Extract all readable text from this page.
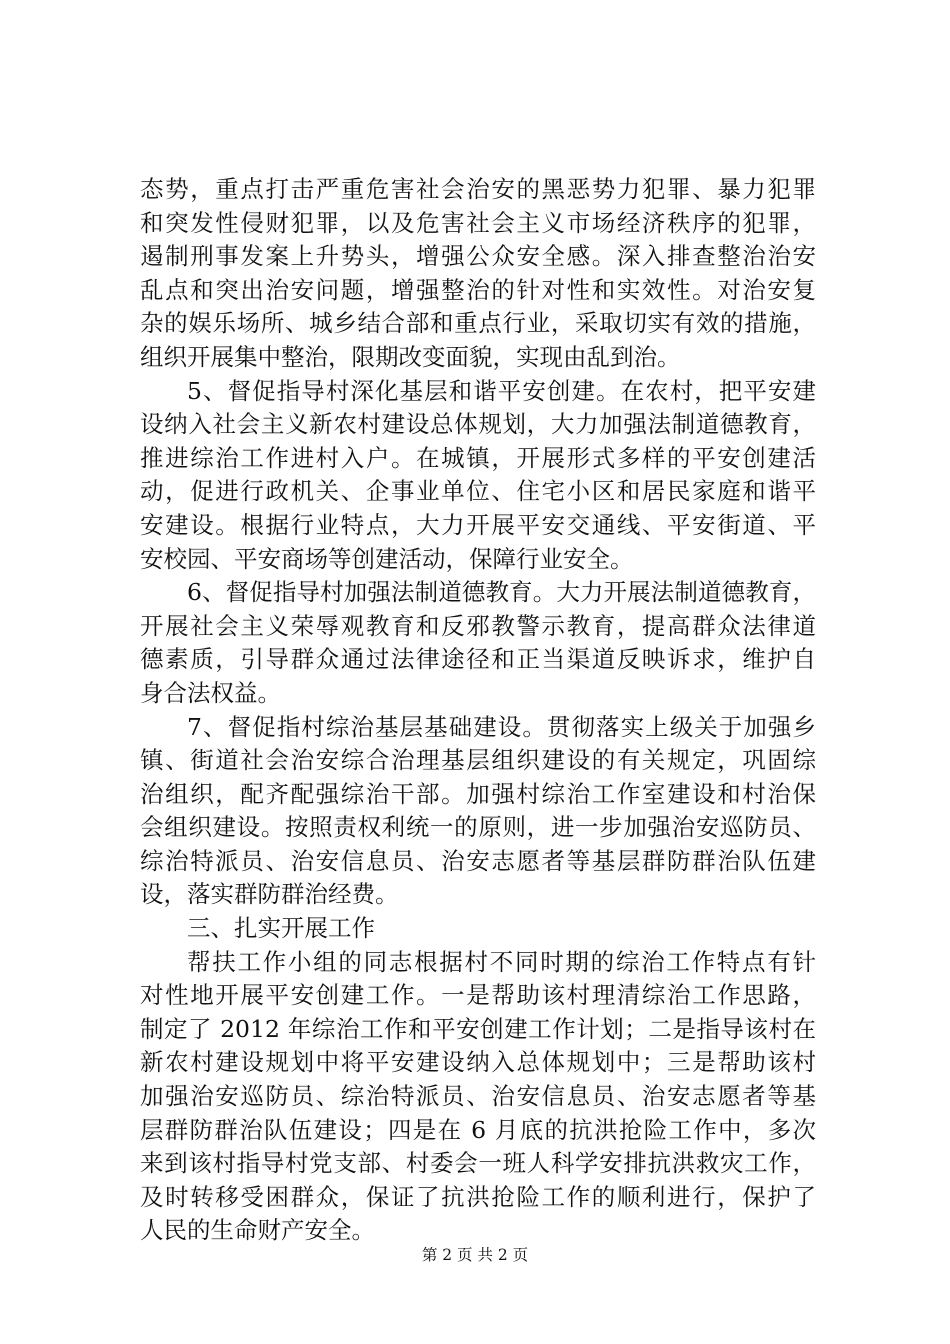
态势，重点打击严重危害社会治安的黑恶势力犯罪、暴力犯罪
和突发性侵财犯罪，以及危害社会主义市场经济秩序的犯罪，
遏制刑事发案上升势头，增强公众安全感。深入排查整治治安
乱点和突出治安问题，增强整治的针对性和实效性。对治安复
杂的娱乐场所、城乡结合部和重点行业，采取切实有效的措施，
组织开展集中整治，限期改变面貌，实现由乱到治。
5、督促指导村深化基层和谐平安创建。在农村，把平安建
设纳入社会主义新农村建设总体规划，大力加强法制道德教育，
推进综治工作进村入户。在城镇，开展形式多样的平安创建活
动，促进行政机关、企事业单位、住宅小区和居民家庭和谐平
安建设。根据行业特点，大力开展平安交通线、平安街道、平
安校园、平安商场等创建活动，保障行业安全。
6、督促指导村加强法制道德教育。大力开展法制道德教育，
开展社会主义荣辱观教育和反邪教警示教育，提高群众法律道
德素质，引导群众通过法律途径和正当渠道反映诉求，维护自
身合法权益。
7、督促指村综治基层基础建设。贯彻落实上级关于加强乡
镇、街道社会治安综合治理基层组织建设的有关规定，巩固综
治组织，配齐配强综治干部。加强村综治工作室建设和村治保
会组织建设。按照责权利统一的原则，进一步加强治安巡防员、
综治特派员、治安信息员、治安志愿者等基层群防群治队伍建
设，落实群防群治经费。
三、扎实开展工作
帮扶工作小组的同志根据村不同时期的综治工作特点有针
对性地开展平安创建工作。一是帮助该村理清综治工作思路，
制定了 2012 年综治工作和平安创建工作计划；二是指导该村在
新农村建设规划中将平安建设纳入总体规划中；三是帮助该村
加强治安巡防员、综治特派员、治安信息员、治安志愿者等基
层群防群治队伍建设；四是在 6 月底的抗洪抢险工作中，多次
来到该村指导村党支部、村委会一班人科学安排抗洪救灾工作，
及时转移受困群众，保证了抗洪抢险工作的顺利进行，保护了
人民的生命财产安全。
第 2 页 共 2 页
